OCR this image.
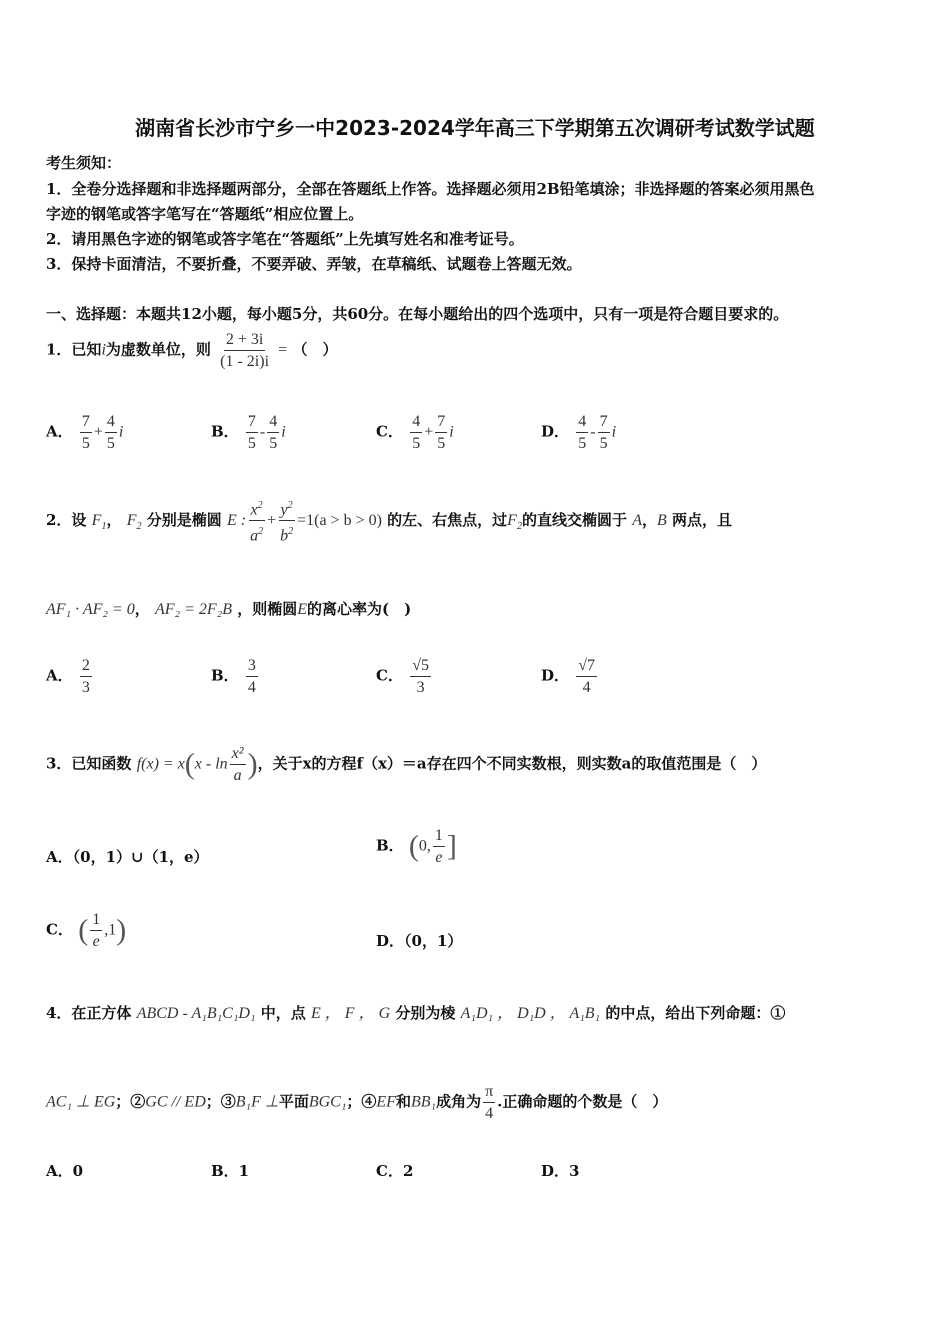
湖南省长沙市宁乡一中2023-2024学年高三下学期第五次调研考试数学试题
考生须知：
1．全卷分选择题和非选择题两部分，全部在答题纸上作答。选择题必须用2B铅笔填涂；非选择题的答案必须用黑色
字迹的钢笔或答字笔写在“答题纸”相应位置上。
2．请用黑色字迹的钢笔或答字笔在“答题纸”上先填写姓名和准考证号。
3．保持卡面清洁，不要折叠，不要弄破、弄皱，在草稿纸、试题卷上答题无效。
一、选择题：本题共12小题，每小题5分，共60分。在每小题给出的四个选项中，只有一项是符合题目要求的。
1．已知i为虚数单位，则 $\frac{2 + 3i}{(1 - 2i)i}$ = （　）
A． $\frac{7}{5} + \frac{4}{5}$ i	B． $\frac{7}{5} - \frac{4}{5}$ i	C． $\frac{4}{5} + \frac{7}{5}$ i	D． $\frac{4}{5} - \frac{7}{5}$ i
2．设 $F_1$， $F_2$ 分别是椭圆 E : $\frac{x^2}{a^2} + \frac{y^2}{b^2} =1(a > b > 0)$ 的左、右焦点，过$F_2$的直线交椭圆于 A，B 两点，且
AF₁ · AF₂ = 0， AF₂ = 2F₂B ，则椭圆E的离心率为(　)
A． $\frac{2}{3}$	B． $\frac{3}{4}$	C． $\frac{√5}{3}$	D． $\frac{√7}{4}$
3．已知函数 $f(x) = x(x - \ln \frac{\text{x²}}{a}$ )，关于x的方程f（x）＝a存在四个不同实数根，则实数a的取值范围是（　）
A．（0，1）∪（1，e）
B． (0, $\frac{1}{e}$ ]
C． ( $\frac{1}{e} ,1$)	D．（0，1）
4．在正方体 ABCD - A₁B₁C₁D₁ 中，点 E ， F ， G 分别为棱 A₁D₁ ， D₁D ， A₁B₁ 的中点，给出下列命题：①
AC₁ ⊥ EG；②GC // ED；③B₁F ⊥平面BGC₁；④EF和BB₁成角为 $\frac{\pi}{4}$ .正确命题的个数是（　）
A．0	B．1	C．2	D．3
